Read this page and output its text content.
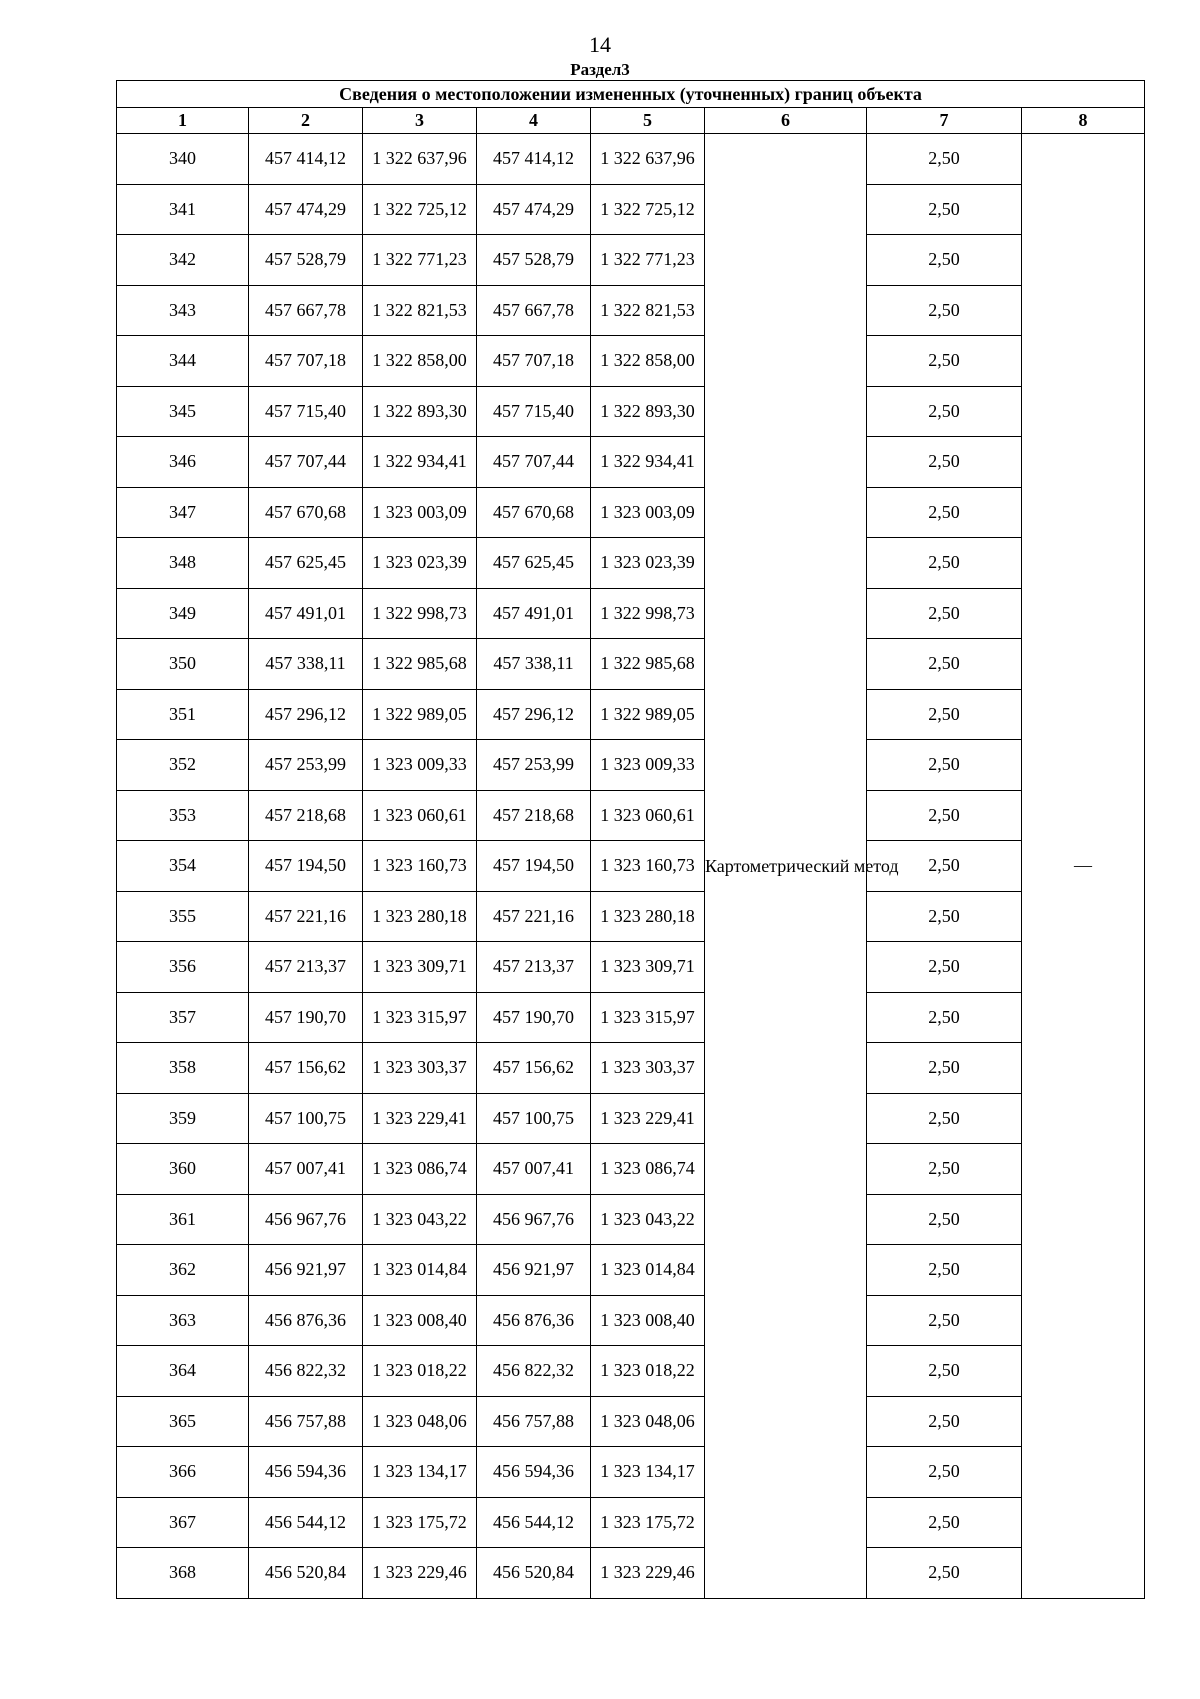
14
Раздел3
Сведения о местоположении измененных (уточненных) границ объекта							
1	2	3	4	5	6	7	8
340	457 414,12	1 322 637,96	457 414,12	1 322 637,96	Картометрический метод	2,50	—
341	457 474,29	1 322 725,12	457 474,29	1 322 725,12		2,50	
342	457 528,79	1 322 771,23	457 528,79	1 322 771,23		2,50	
343	457 667,78	1 322 821,53	457 667,78	1 322 821,53		2,50	
344	457 707,18	1 322 858,00	457 707,18	1 322 858,00		2,50	
345	457 715,40	1 322 893,30	457 715,40	1 322 893,30		2,50	
346	457 707,44	1 322 934,41	457 707,44	1 322 934,41		2,50	
347	457 670,68	1 323 003,09	457 670,68	1 323 003,09		2,50	
348	457 625,45	1 323 023,39	457 625,45	1 323 023,39		2,50	
349	457 491,01	1 322 998,73	457 491,01	1 322 998,73		2,50	
350	457 338,11	1 322 985,68	457 338,11	1 322 985,68		2,50	
351	457 296,12	1 322 989,05	457 296,12	1 322 989,05		2,50	
352	457 253,99	1 323 009,33	457 253,99	1 323 009,33		2,50	
353	457 218,68	1 323 060,61	457 218,68	1 323 060,61		2,50	
354	457 194,50	1 323 160,73	457 194,50	1 323 160,73		2,50	
355	457 221,16	1 323 280,18	457 221,16	1 323 280,18		2,50	
356	457 213,37	1 323 309,71	457 213,37	1 323 309,71		2,50	
357	457 190,70	1 323 315,97	457 190,70	1 323 315,97		2,50	
358	457 156,62	1 323 303,37	457 156,62	1 323 303,37		2,50	
359	457 100,75	1 323 229,41	457 100,75	1 323 229,41		2,50	
360	457 007,41	1 323 086,74	457 007,41	1 323 086,74		2,50	
361	456 967,76	1 323 043,22	456 967,76	1 323 043,22		2,50	
362	456 921,97	1 323 014,84	456 921,97	1 323 014,84		2,50	
363	456 876,36	1 323 008,40	456 876,36	1 323 008,40		2,50	
364	456 822,32	1 323 018,22	456 822,32	1 323 018,22		2,50	
365	456 757,88	1 323 048,06	456 757,88	1 323 048,06		2,50	
366	456 594,36	1 323 134,17	456 594,36	1 323 134,17		2,50	
367	456 544,12	1 323 175,72	456 544,12	1 323 175,72		2,50	
368	456 520,84	1 323 229,46	456 520,84	1 323 229,46		2,50	
